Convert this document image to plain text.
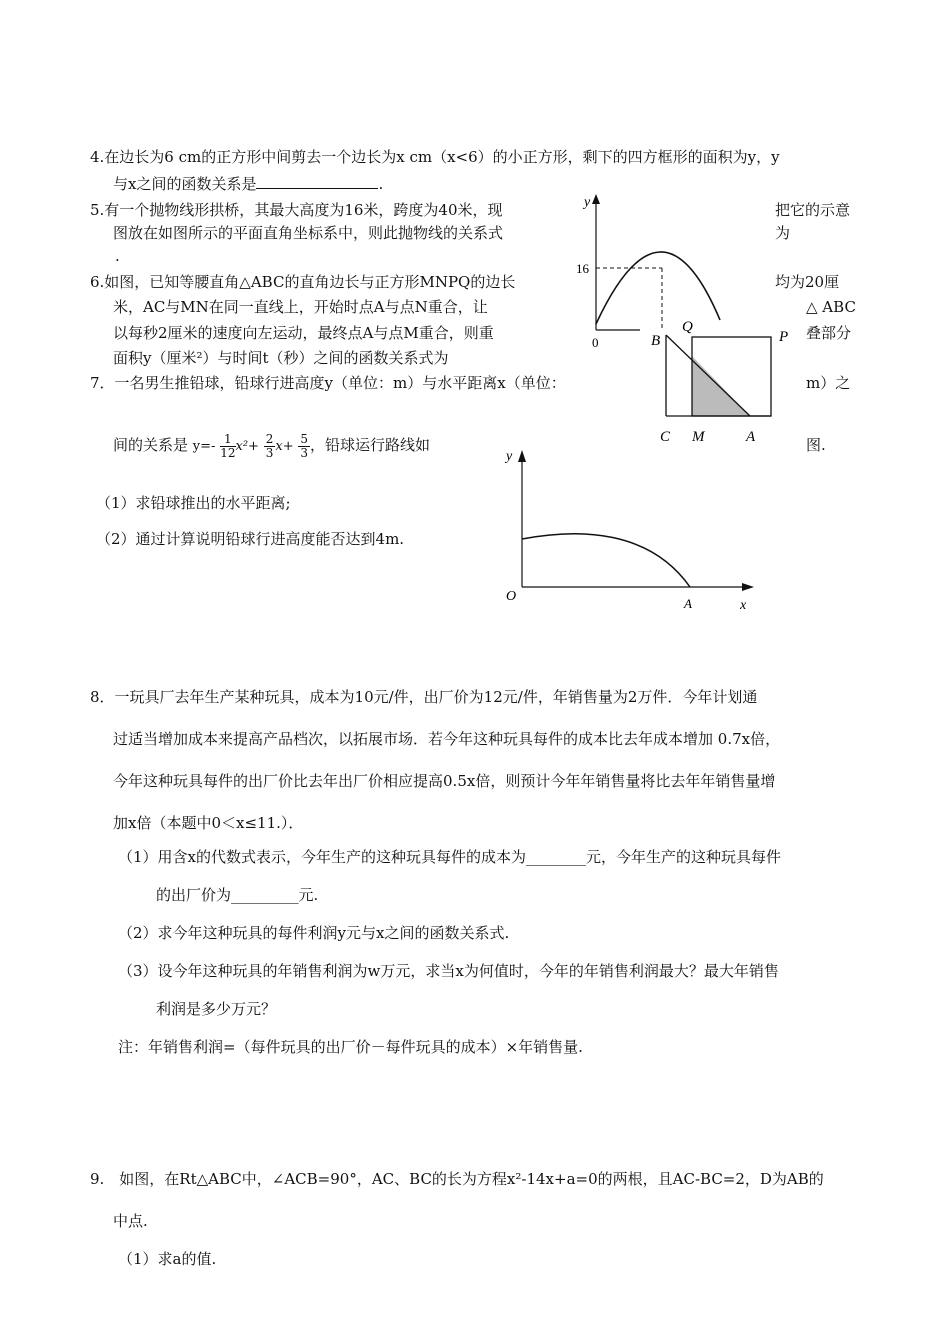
4.在边长为6 cm的正方形中间剪去一个边长为x cm（x<6）的小正方形，剩下的四方框形的面积为y，y
与x之间的函数关系是	.
5.有一个抛物线形拱桥，其最大高度为16米，跨度为40米，现	把它的示意
图放在如图所示的平面直角坐标系中，则此抛物线的关系式	为
.
6.如图，已知等腰直角△ABC的直角边长与正方形MNPQ的边长	均为20厘
米，AC与MN在同一直线上，开始时点A与点N重合，让	△ ABC
以每秒2厘米的速度向左运动，最终点A与点M重合，则重	叠部分
面积y（厘米²）与时间t（秒）之间的函数关系式为
7．一名男生推铅球，铅球行进高度y（单位：m）与水平距离x（单位：	m）之
间的关系是 $y=- \frac{1}{12} x^2+ \frac{2}{3} x+ \frac{5}{3}$ ，铅球运行路线如	图.
（1）求铅球推出的水平距离;
（2）通过计算说明铅球行进高度能否达到4m.
8．一玩具厂去年生产某种玩具，成本为10元/件，出厂价为12元/件，年销售量为2万件．今年计划通
过适当增加成本来提高产品档次，以拓展市场．若今年这种玩具每件的成本比去年成本增加 0.7x倍，
今年这种玩具每件的出厂价比去年出厂价相应提高0.5x倍，则预计今年年销售量将比去年年销售量增
加x倍（本题中0＜x≤11.）．
（1）用含x的代数式表示，今年生产的这种玩具每件的成本为________元，今年生产的这种玩具每件
的出厂价为_________元.
（2）求今年这种玩具的每件利润y元与x之间的函数关系式.
（3）设今年这种玩具的年销售利润为w万元，求当x为何值时，今年的年销售利润最大？最大年销售
利润是多少万元？
注：年销售利润=（每件玩具的出厂价－每件玩具的成本）×年销售量.
9.　如图，在Rt△ABC中，∠ACB=90°，AC、BC的长为方程x²-14x+a=0的两根，且AC-BC=2，D为AB的
中点.
（1）求a的值.
y
16
0	B
Q
P
C M	A
y
x
O	A
